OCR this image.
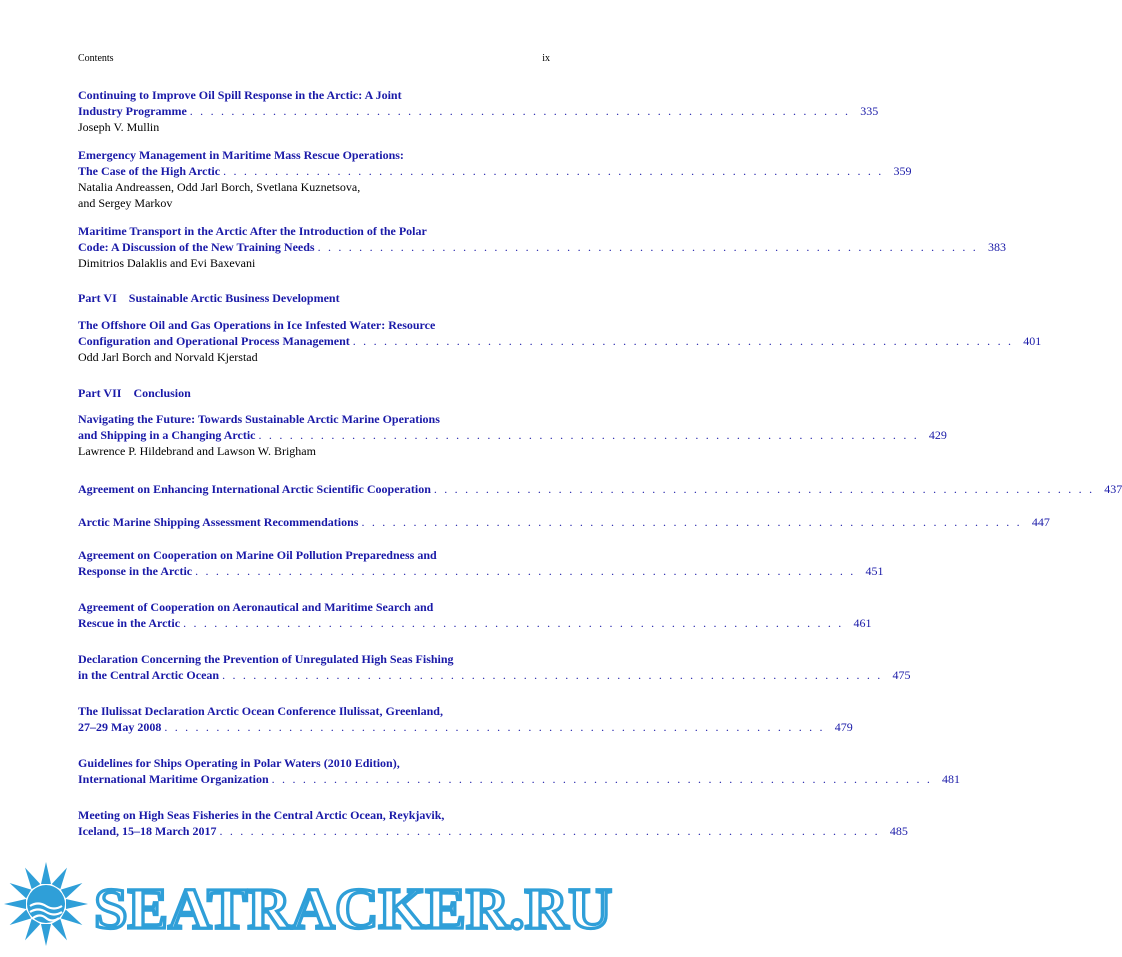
Contents	ix
Continuing to Improve Oil Spill Response in the Arctic: A Joint
Industry Programme . . . . . . . . . . . . . . . . . . . . . . . . . . . . . . . . . . . . . . . . . . . . . . . . . . . . . . . . . . . . . . . . 335
Joseph V. Mullin
Emergency Management in Maritime Mass Rescue Operations:
The Case of the High Arctic . . . . . . . . . . . . . . . . . . . . . . . . . . . . . . . . . . . . . . . . . . . . . . . . . . . . . . . . . . . . . . . . 359
Natalia Andreassen, Odd Jarl Borch, Svetlana Kuznetsova,
and Sergey Markov
Maritime Transport in the Arctic After the Introduction of the Polar
Code: A Discussion of the New Training Needs . . . . . . . . . . . . . . . . . . . . . . . . . . . . . . . . . . . . . . . . . . . . . . . . . . . . . . . . . . . . . . . . 383
Dimitrios Dalaklis and Evi Baxevani
Part VI Sustainable Arctic Business Development
The Offshore Oil and Gas Operations in Ice Infested Water: Resource
Configuration and Operational Process Management . . . . . . . . . . . . . . . . . . . . . . . . . . . . . . . . . . . . . . . . . . . . . . . . . . . . . . . . . . . . . . . . 401
Odd Jarl Borch and Norvald Kjerstad
Part VII Conclusion
Navigating the Future: Towards Sustainable Arctic Marine Operations
and Shipping in a Changing Arctic . . . . . . . . . . . . . . . . . . . . . . . . . . . . . . . . . . . . . . . . . . . . . . . . . . . . . . . . . . . . . . . . 429
Lawrence P. Hildebrand and Lawson W. Brigham
Agreement on Enhancing International Arctic Scientific Cooperation . . . . . . . . . . . . . . . . . . . . . . . . . . . . . . . . . . . . . . . . . . . . . . . . . . . . . . . . . . . . . . . . 437
Arctic Marine Shipping Assessment Recommendations . . . . . . . . . . . . . . . . . . . . . . . . . . . . . . . . . . . . . . . . . . . . . . . . . . . . . . . . . . . . . . . . 447
Agreement on Cooperation on Marine Oil Pollution Preparedness and
Response in the Arctic . . . . . . . . . . . . . . . . . . . . . . . . . . . . . . . . . . . . . . . . . . . . . . . . . . . . . . . . . . . . . . . . 451
Agreement of Cooperation on Aeronautical and Maritime Search and
Rescue in the Arctic . . . . . . . . . . . . . . . . . . . . . . . . . . . . . . . . . . . . . . . . . . . . . . . . . . . . . . . . . . . . . . . . 461
Declaration Concerning the Prevention of Unregulated High Seas Fishing
in the Central Arctic Ocean . . . . . . . . . . . . . . . . . . . . . . . . . . . . . . . . . . . . . . . . . . . . . . . . . . . . . . . . . . . . . . . . 475
The Ilulissat Declaration Arctic Ocean Conference Ilulissat, Greenland,
27–29 May 2008 . . . . . . . . . . . . . . . . . . . . . . . . . . . . . . . . . . . . . . . . . . . . . . . . . . . . . . . . . . . . . . . . 479
Guidelines for Ships Operating in Polar Waters (2010 Edition),
International Maritime Organization . . . . . . . . . . . . . . . . . . . . . . . . . . . . . . . . . . . . . . . . . . . . . . . . . . . . . . . . . . . . . . . . 481
Meeting on High Seas Fisheries in the Central Arctic Ocean, Reykjavik,
Iceland, 15–18 March 2017 . . . . . . . . . . . . . . . . . . . . . . . . . . . . . . . . . . . . . . . . . . . . . . . . . . . . . . . . . . . . . . . . 485
SEATRACKER.RU
